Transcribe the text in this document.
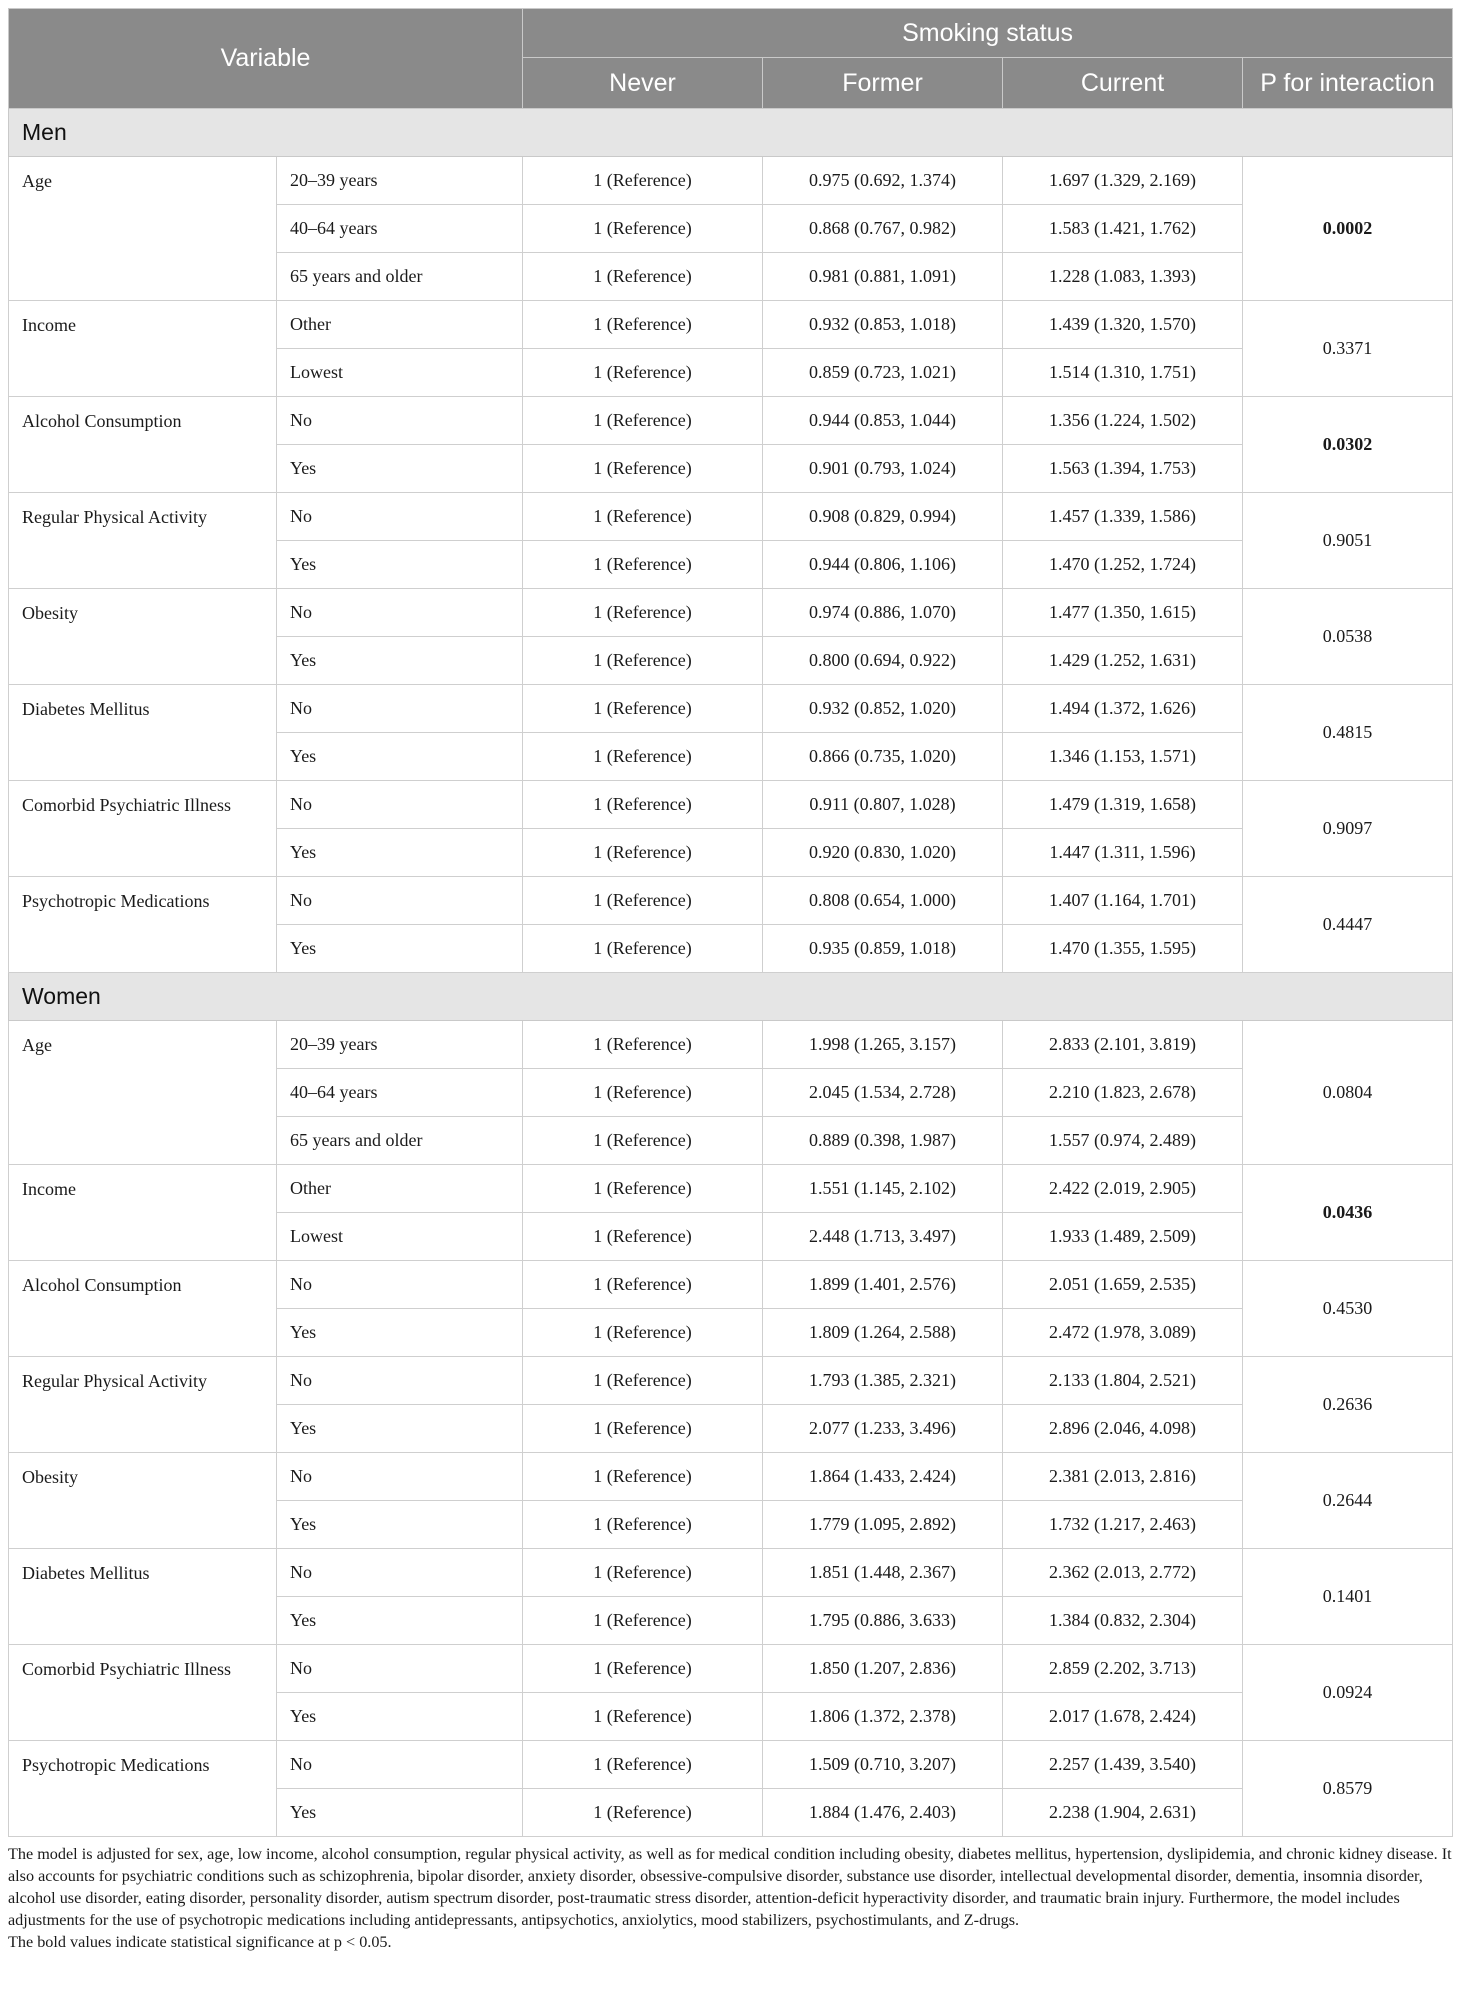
Variable		Smoking status			
		Never	Former	Current	P for interaction
Men					
Age	20–39 years	1 (Reference)	0.975 (0.692, 1.374)	1.697 (1.329, 2.169)	0.0002
	40–64 years	1 (Reference)	0.868 (0.767, 0.982)	1.583 (1.421, 1.762)	
	65 years and older	1 (Reference)	0.981 (0.881, 1.091)	1.228 (1.083, 1.393)	
Income	Other	1 (Reference)	0.932 (0.853, 1.018)	1.439 (1.320, 1.570)	0.3371
	Lowest	1 (Reference)	0.859 (0.723, 1.021)	1.514 (1.310, 1.751)	
Alcohol Consumption	No	1 (Reference)	0.944 (0.853, 1.044)	1.356 (1.224, 1.502)	0.0302
	Yes	1 (Reference)	0.901 (0.793, 1.024)	1.563 (1.394, 1.753)	
Regular Physical Activity	No	1 (Reference)	0.908 (0.829, 0.994)	1.457 (1.339, 1.586)	0.9051
	Yes	1 (Reference)	0.944 (0.806, 1.106)	1.470 (1.252, 1.724)	
Obesity	No	1 (Reference)	0.974 (0.886, 1.070)	1.477 (1.350, 1.615)	0.0538
	Yes	1 (Reference)	0.800 (0.694, 0.922)	1.429 (1.252, 1.631)	
Diabetes Mellitus	No	1 (Reference)	0.932 (0.852, 1.020)	1.494 (1.372, 1.626)	0.4815
	Yes	1 (Reference)	0.866 (0.735, 1.020)	1.346 (1.153, 1.571)	
Comorbid Psychiatric Illness	No	1 (Reference)	0.911 (0.807, 1.028)	1.479 (1.319, 1.658)	0.9097
	Yes	1 (Reference)	0.920 (0.830, 1.020)	1.447 (1.311, 1.596)	
Psychotropic Medications	No	1 (Reference)	0.808 (0.654, 1.000)	1.407 (1.164, 1.701)	0.4447
	Yes	1 (Reference)	0.935 (0.859, 1.018)	1.470 (1.355, 1.595)	
Women					
Age	20–39 years	1 (Reference)	1.998 (1.265, 3.157)	2.833 (2.101, 3.819)	0.0804
	40–64 years	1 (Reference)	2.045 (1.534, 2.728)	2.210 (1.823, 2.678)	
	65 years and older	1 (Reference)	0.889 (0.398, 1.987)	1.557 (0.974, 2.489)	
Income	Other	1 (Reference)	1.551 (1.145, 2.102)	2.422 (2.019, 2.905)	0.0436
	Lowest	1 (Reference)	2.448 (1.713, 3.497)	1.933 (1.489, 2.509)	
Alcohol Consumption	No	1 (Reference)	1.899 (1.401, 2.576)	2.051 (1.659, 2.535)	0.4530
	Yes	1 (Reference)	1.809 (1.264, 2.588)	2.472 (1.978, 3.089)	
Regular Physical Activity	No	1 (Reference)	1.793 (1.385, 2.321)	2.133 (1.804, 2.521)	0.2636
	Yes	1 (Reference)	2.077 (1.233, 3.496)	2.896 (2.046, 4.098)	
Obesity	No	1 (Reference)	1.864 (1.433, 2.424)	2.381 (2.013, 2.816)	0.2644
	Yes	1 (Reference)	1.779 (1.095, 2.892)	1.732 (1.217, 2.463)	
Diabetes Mellitus	No	1 (Reference)	1.851 (1.448, 2.367)	2.362 (2.013, 2.772)	0.1401
	Yes	1 (Reference)	1.795 (0.886, 3.633)	1.384 (0.832, 2.304)	
Comorbid Psychiatric Illness	No	1 (Reference)	1.850 (1.207, 2.836)	2.859 (2.202, 3.713)	0.0924
	Yes	1 (Reference)	1.806 (1.372, 2.378)	2.017 (1.678, 2.424)	
Psychotropic Medications	No	1 (Reference)	1.509 (0.710, 3.207)	2.257 (1.439, 3.540)	0.8579
	Yes	1 (Reference)	1.884 (1.476, 2.403)	2.238 (1.904, 2.631)	

The model is adjusted for sex, age, low income, alcohol consumption, regular physical activity, as well as for medical condition including obesity, diabetes mellitus, hypertension, dyslipidemia, and chronic kidney disease. It also accounts for psychiatric conditions such as schizophrenia, bipolar disorder, anxiety disorder, obsessive-compulsive disorder, substance use disorder, intellectual developmental disorder, dementia, insomnia disorder, alcohol use disorder, eating disorder, personality disorder, autism spectrum disorder, post-traumatic stress disorder, attention-deficit hyperactivity disorder, and traumatic brain injury. Furthermore, the model includes adjustments for the use of psychotropic medications including antidepressants, antipsychotics, anxiolytics, mood stabilizers, psychostimulants, and Z-drugs.

The bold values indicate statistical significance at p < 0.05.
